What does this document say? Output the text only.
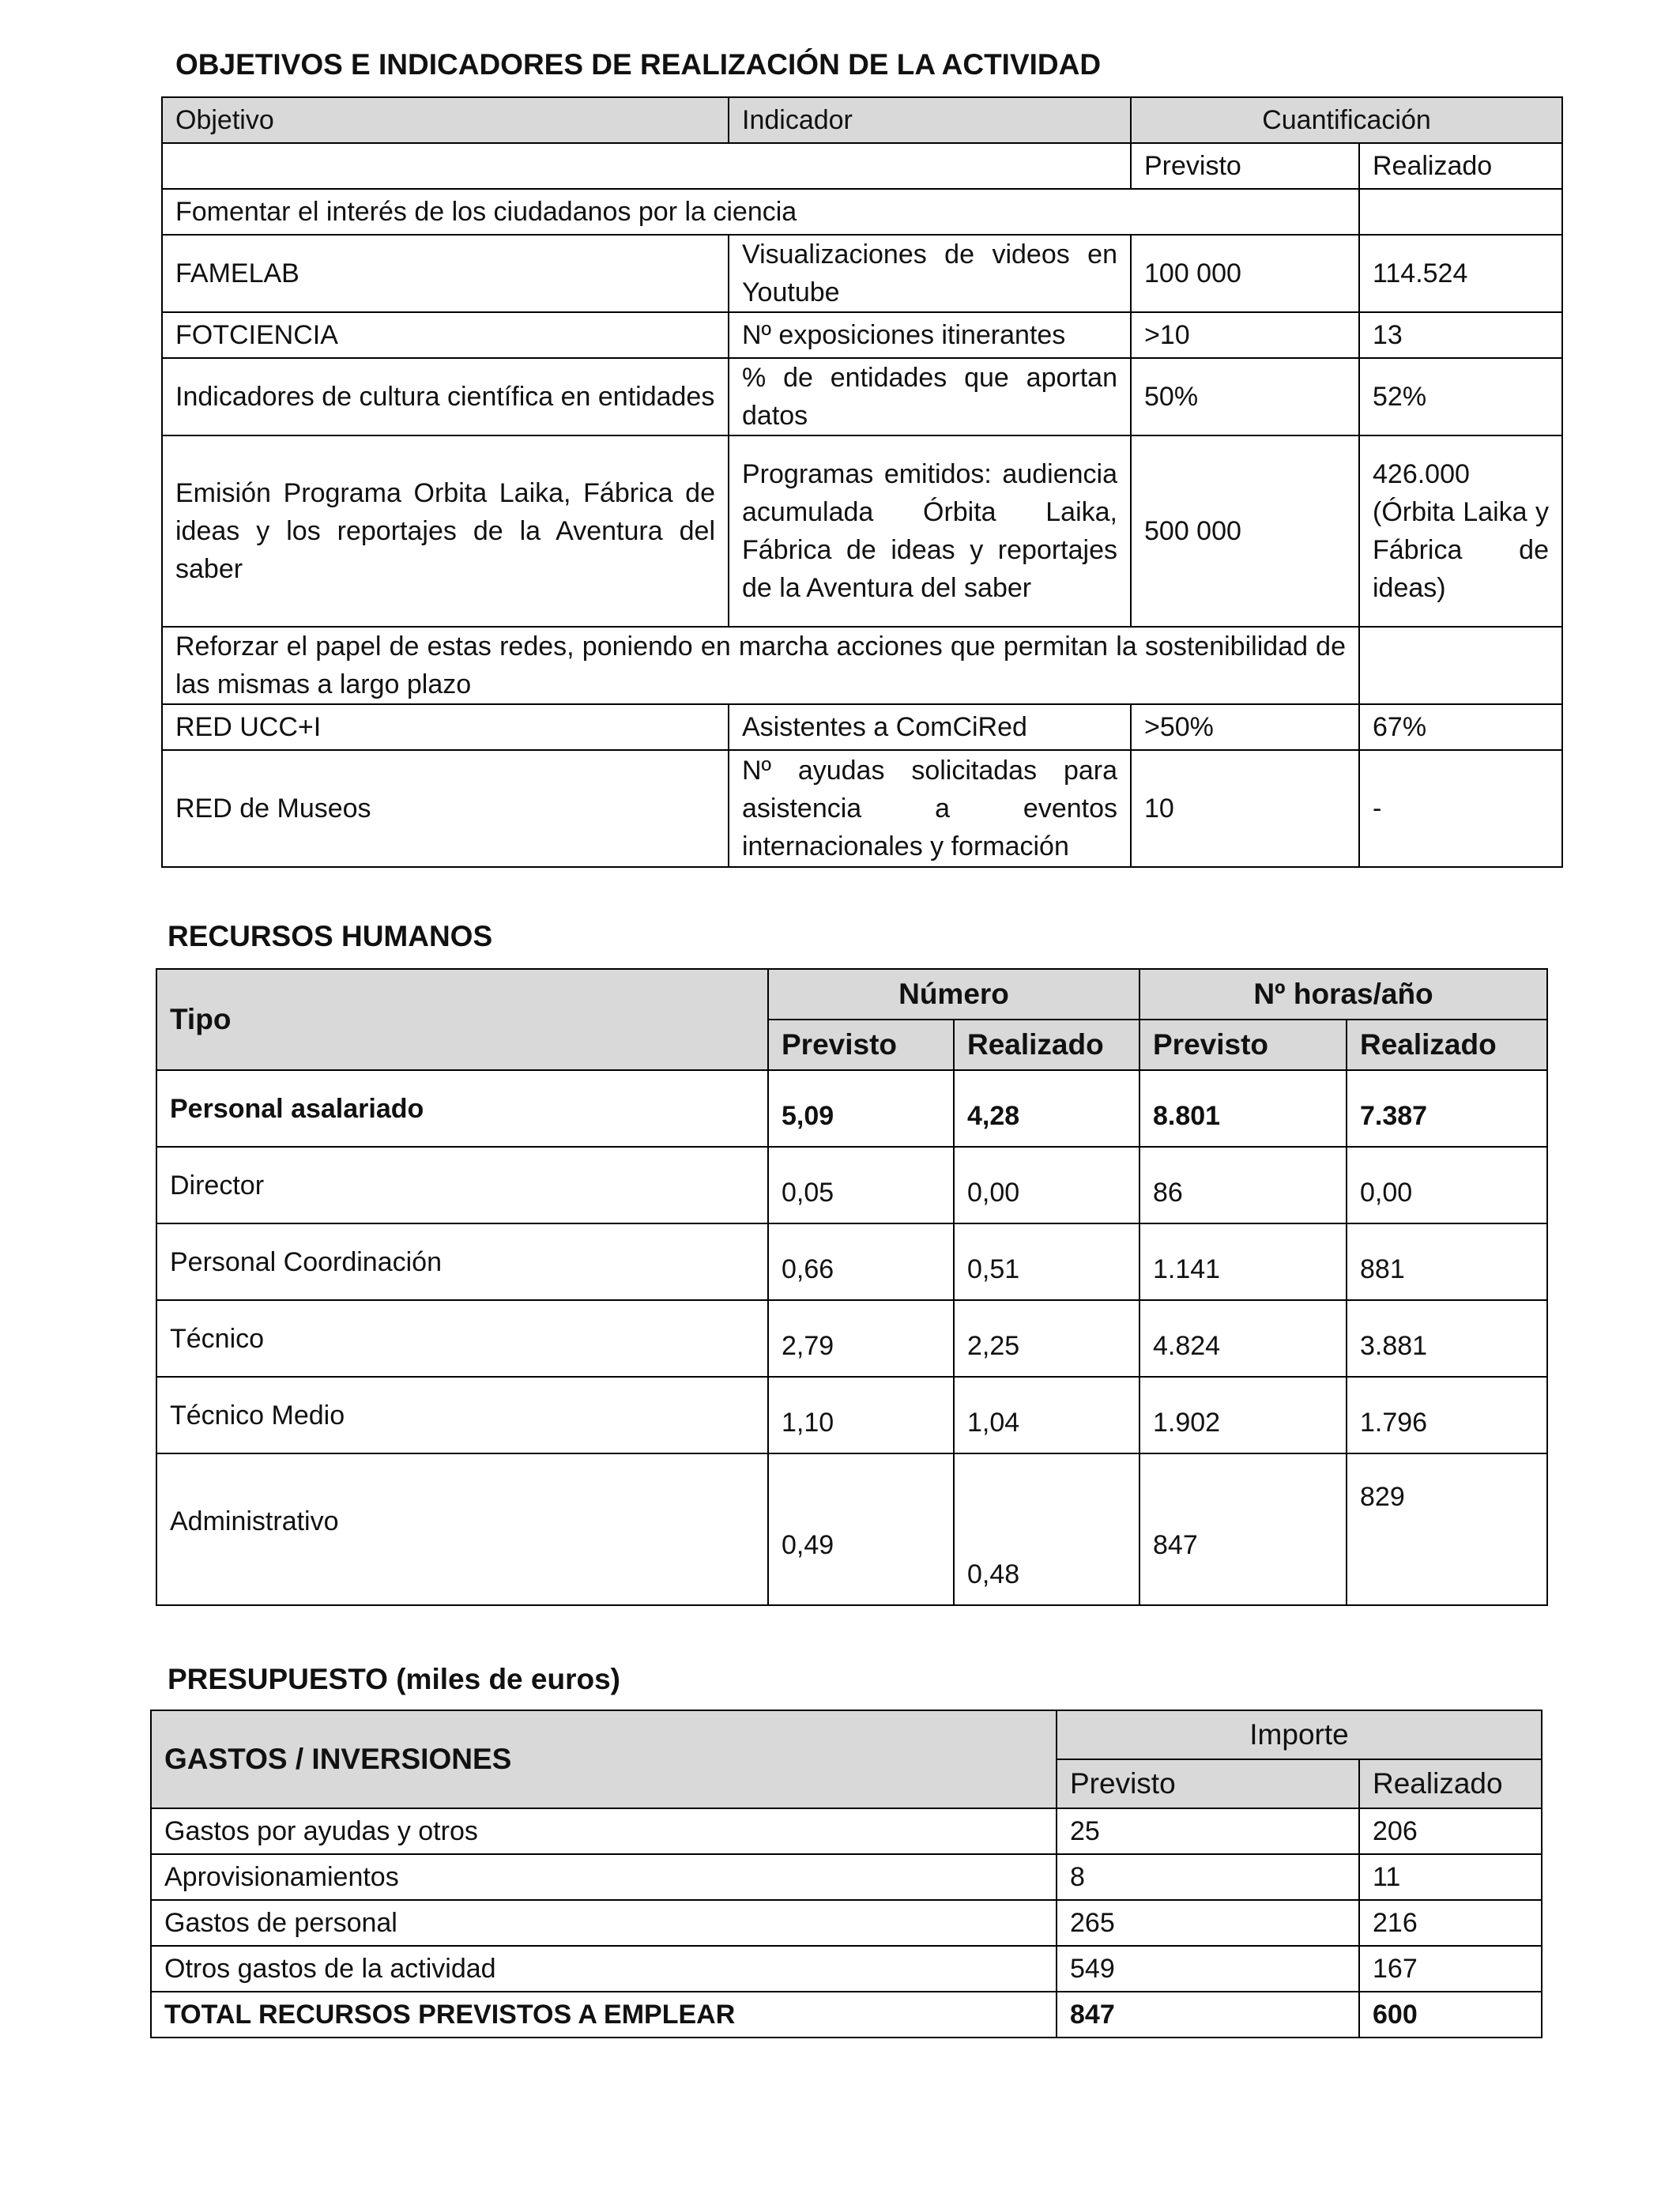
OBJETIVOS E INDICADORES DE REALIZACIÓN DE LA ACTIVIDAD
Objetivo	Indicador	Cuantificación	
		Previsto	Realizado
Fomentar el interés de los ciudadanos por la ciencia			
FAMELAB	Visualizaciones de videos en Youtube	100 000	114.524
FOTCIENCIA	Nº exposiciones itinerantes	>10	13
Indicadores de cultura científica en entidades	% de entidades que aportan datos	50%	52%
Emisión Programa Orbita Laika, Fábrica de ideas y los reportajes de la Aventura del saber	Programas emitidos: audiencia acumulada Órbita Laika, Fábrica de ideas y reportajes de la Aventura del saber	500 000	426.000 (Órbita Laika y Fábrica de ideas)
Reforzar el papel de estas redes, poniendo en marcha acciones que permitan la sostenibilidad de las mismas a largo plazo			
RED UCC+I	Asistentes a ComCiRed	>50%	67%
RED de Museos	Nº ayudas solicitadas para asistencia a eventos internacionales y formación	10	-
RECURSOS HUMANOS
Tipo	Número		Nº horas/año	
	Previsto	Realizado	Previsto	Realizado
Personal asalariado	5,09	4,28	8.801	7.387
Director	0,05	0,00	86	0,00
Personal Coordinación	0,66	0,51	1.141	881
Técnico	2,79	2,25	4.824	3.881
Técnico Medio	1,10	1,04	1.902	1.796
Administrativo	0,49	0,48	847	829
PRESUPUESTO (miles de euros)
GASTOS / INVERSIONES	Importe	
	Previsto	Realizado
Gastos por ayudas y otros	25	206
Aprovisionamientos	8	11
Gastos de personal	265	216
Otros gastos de la actividad	549	167
TOTAL RECURSOS PREVISTOS A EMPLEAR	847	600
